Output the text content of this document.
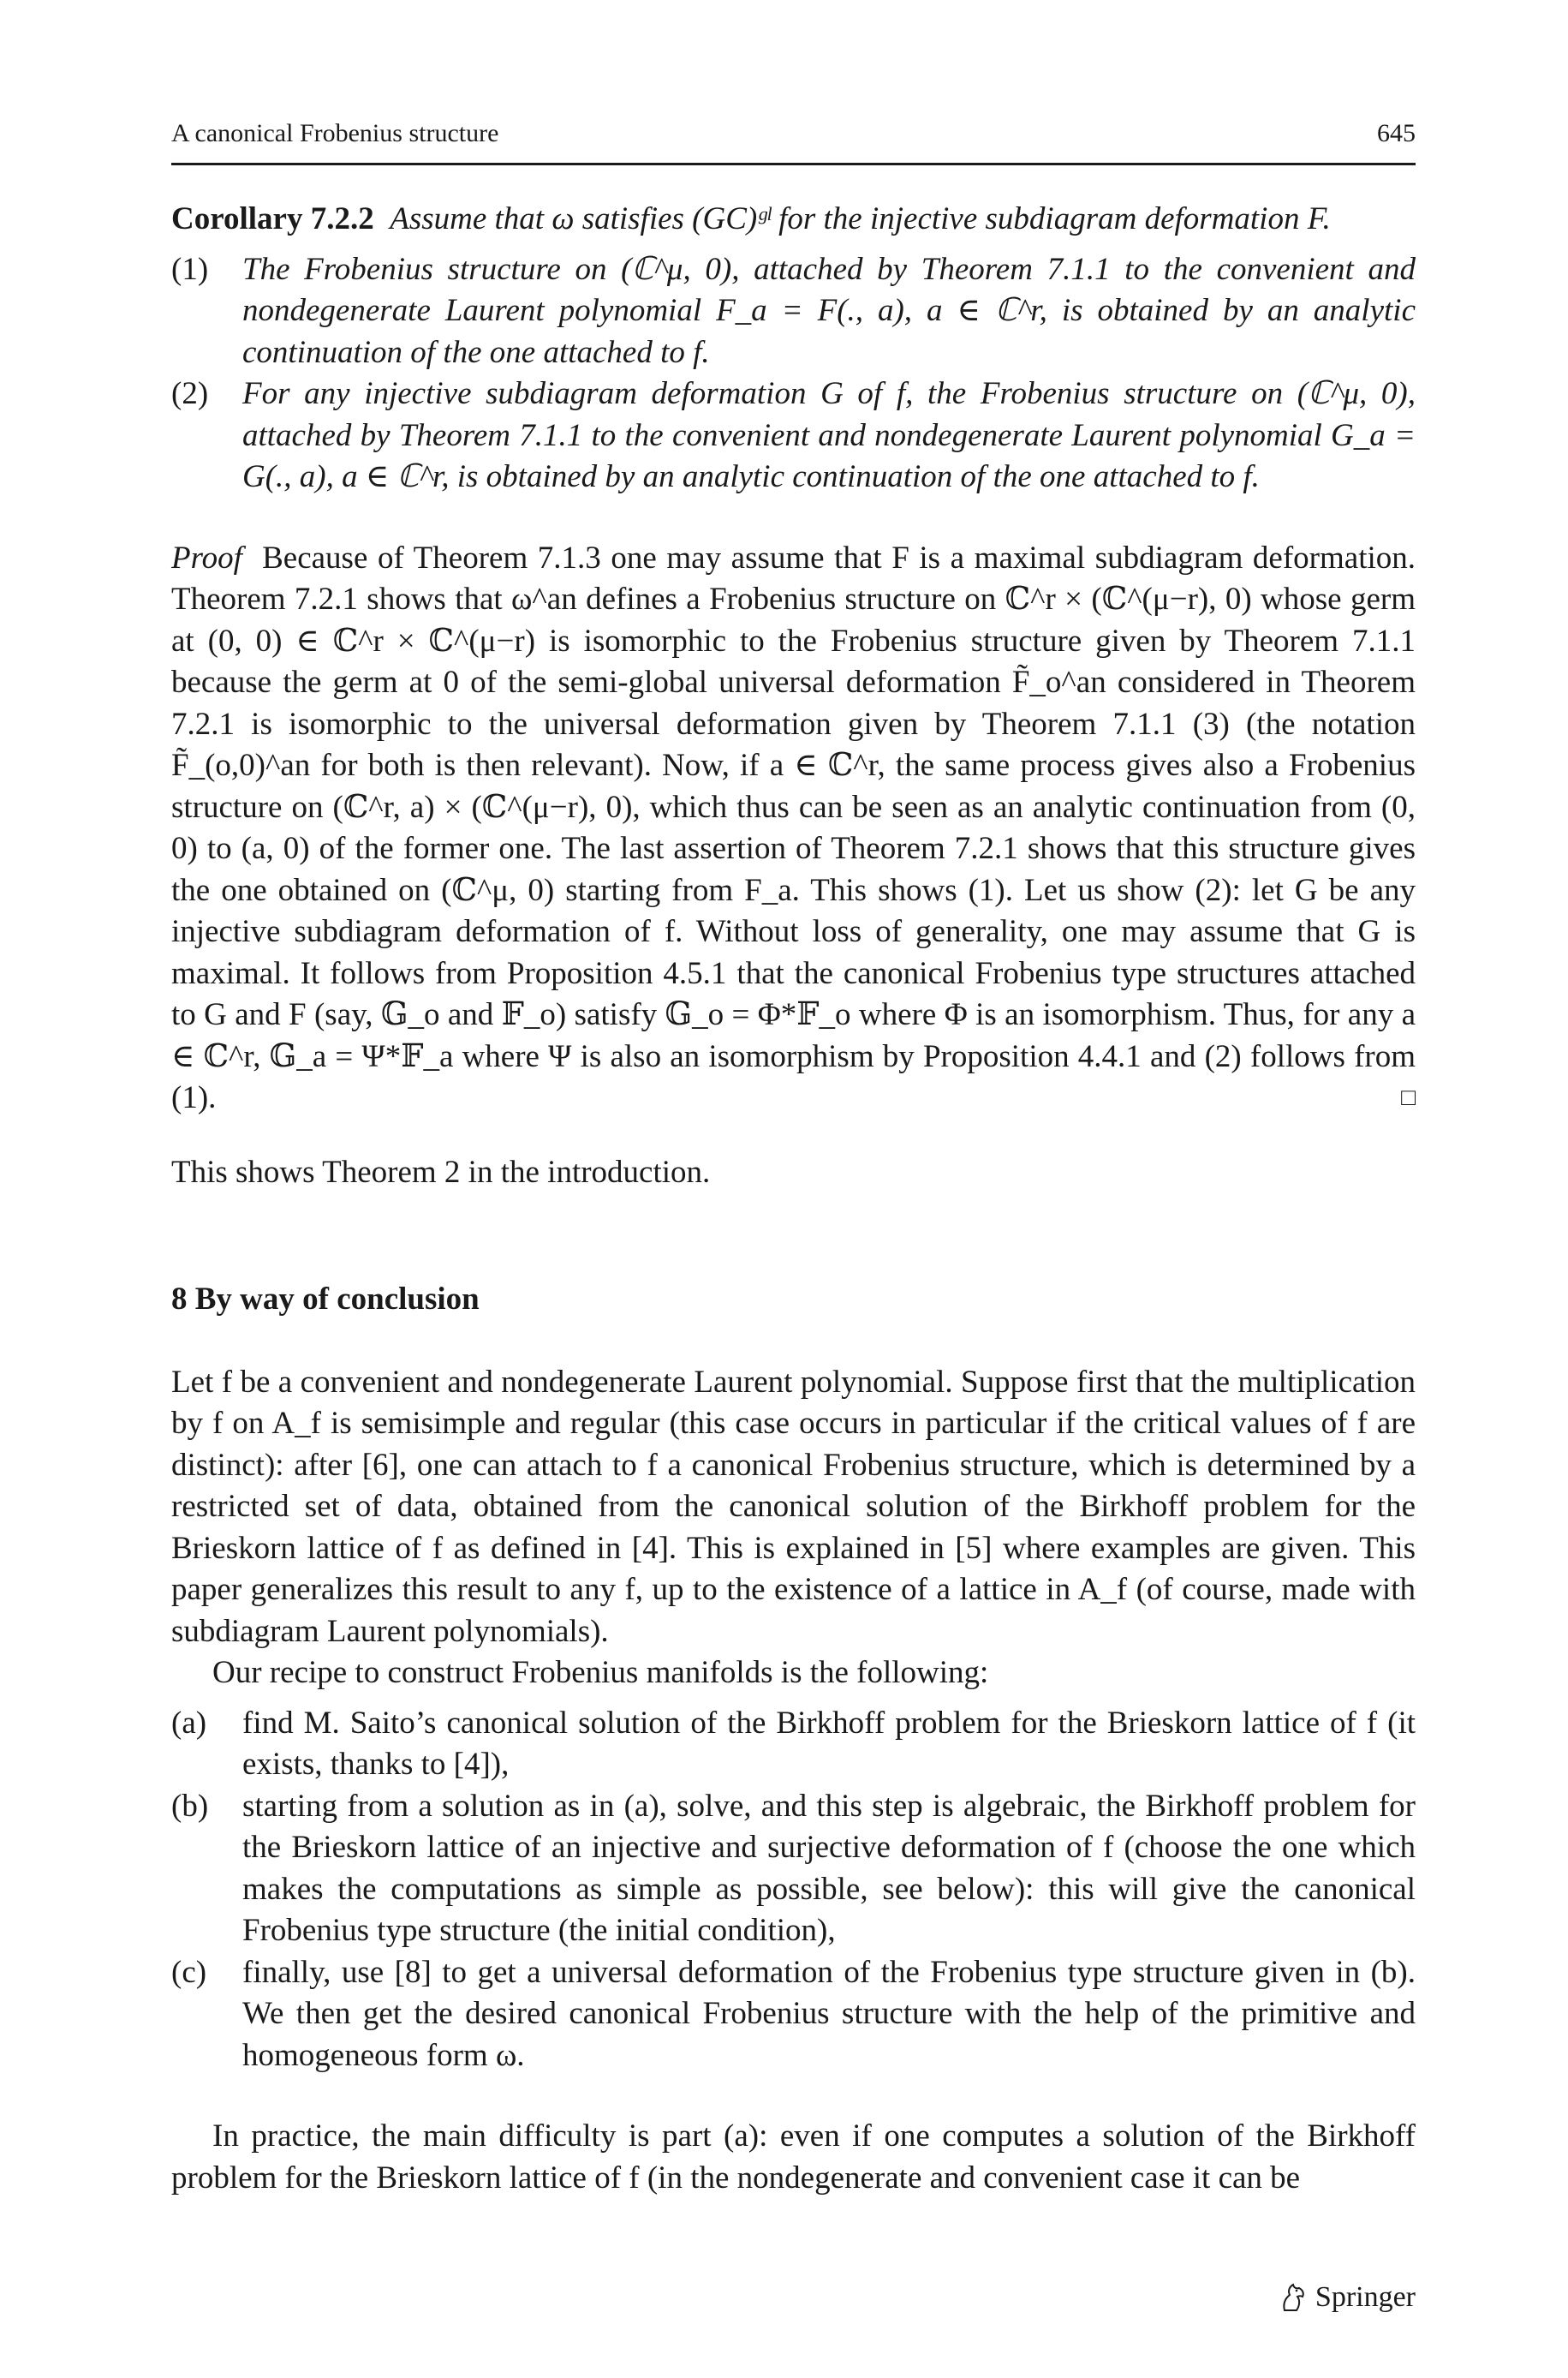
A canonical Frobenius structure	645

Corollary 7.2.2 Assume that ω satisfies (GC)ᵍˡ for the injective subdiagram deformation F.

(1) The Frobenius structure on (ℂ^μ, 0), attached by Theorem 7.1.1 to the convenient and nondegenerate Laurent polynomial F_a = F(., a), a ∈ ℂ^r, is obtained by an analytic continuation of the one attached to f.
(2) For any injective subdiagram deformation G of f, the Frobenius structure on (ℂ^μ, 0), attached by Theorem 7.1.1 to the convenient and nondegenerate Laurent polynomial G_a = G(., a), a ∈ ℂ^r, is obtained by an analytic continuation of the one attached to f.

Proof Because of Theorem 7.1.3 one may assume that F is a maximal subdiagram deformation. Theorem 7.2.1 shows that ω^an defines a Frobenius structure on ℂ^r × (ℂ^(μ−r), 0) whose germ at (0, 0) ∈ ℂ^r × ℂ^(μ−r) is isomorphic to the Frobenius structure given by Theorem 7.1.1 because the germ at 0 of the semi-global universal deformation F̃_o^an considered in Theorem 7.2.1 is isomorphic to the universal deformation given by Theorem 7.1.1 (3) (the notation F̃_(o,0)^an for both is then relevant). Now, if a ∈ ℂ^r, the same process gives also a Frobenius structure on (ℂ^r, a) × (ℂ^(μ−r), 0), which thus can be seen as an analytic continuation from (0, 0) to (a, 0) of the former one. The last assertion of Theorem 7.2.1 shows that this structure gives the one obtained on (ℂ^μ, 0) starting from F_a. This shows (1). Let us show (2): let G be any injective subdiagram deformation of f. Without loss of generality, one may assume that G is maximal. It follows from Proposition 4.5.1 that the canonical Frobenius type structures attached to G and F (say, 𝔾_o and 𝔽_o) satisfy 𝔾_o = Φ*𝔽_o where Φ is an isomorphism. Thus, for any a ∈ ℂ^r, 𝔾_a = Ψ*𝔽_a where Ψ is also an isomorphism by Proposition 4.4.1 and (2) follows from (1).	□

This shows Theorem 2 in the introduction.

8 By way of conclusion

Let f be a convenient and nondegenerate Laurent polynomial. Suppose first that the multiplication by f on A_f is semisimple and regular (this case occurs in particular if the critical values of f are distinct): after [6], one can attach to f a canonical Frobenius structure, which is determined by a restricted set of data, obtained from the canonical solution of the Birkhoff problem for the Brieskorn lattice of f as defined in [4]. This is explained in [5] where examples are given. This paper generalizes this result to any f, up to the existence of a lattice in A_f (of course, made with subdiagram Laurent polynomials).

Our recipe to construct Frobenius manifolds is the following:

(a) find M. Saito’s canonical solution of the Birkhoff problem for the Brieskorn lattice of f (it exists, thanks to [4]),
(b) starting from a solution as in (a), solve, and this step is algebraic, the Birkhoff problem for the Brieskorn lattice of an injective and surjective deformation of f (choose the one which makes the computations as simple as possible, see below): this will give the canonical Frobenius type structure (the initial condition),
(c) finally, use [8] to get a universal deformation of the Frobenius type structure given in (b). We then get the desired canonical Frobenius structure with the help of the primitive and homogeneous form ω.

In practice, the main difficulty is part (a): even if one computes a solution of the Birkhoff problem for the Brieskorn lattice of f (in the nondegenerate and convenient case it can be

Springer
